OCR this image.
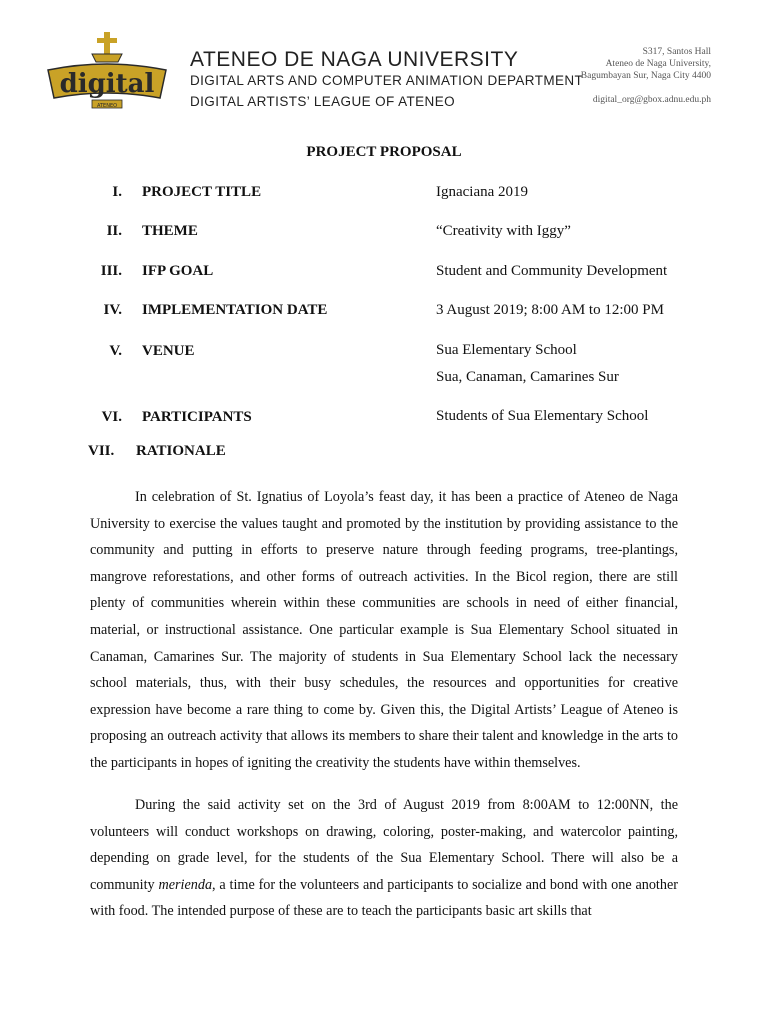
digital
ATENEO
ATENEO DE NAGA UNIVERSITY
DIGITAL ARTS AND COMPUTER ANIMATION DEPARTMENT
DIGITAL ARTISTS’ LEAGUE OF ATENEO
S317, Santos Hall
Ateneo de Naga University,
Bagumbayan Sur, Naga City 4400
digital_org@gbox.adnu.edu.ph
PROJECT PROPOSAL
I. PROJECT TITLE	Ignaciana 2019
II. THEME	“Creativity with Iggy”
III. IFP GOAL	Student and Community Development
IV. IMPLEMENTATION DATE	3 August 2019; 8:00 AM to 12:00 PM
V. VENUE	Sua Elementary School
Sua, Canaman, Camarines Sur
VI. PARTICIPANTS	Students of Sua Elementary School
VII. RATIONALE

In celebration of St. Ignatius of Loyola’s feast day, it has been a practice of Ateneo de Naga University to exercise the values taught and promoted by the institution by providing assistance to the community and putting in efforts to preserve nature through feeding programs, tree-plantings, mangrove reforestations, and other forms of outreach activities. In the Bicol region, there are still plenty of communities wherein within these communities are schools in need of either financial, material, or instructional assistance. One particular example is Sua Elementary School situated in Canaman, Camarines Sur. The majority of students in Sua Elementary School lack the necessary school materials, thus, with their busy schedules, the resources and opportunities for creative expression have become a rare thing to come by. Given this, the Digital Artists’ League of Ateneo is proposing an outreach activity that allows its members to share their talent and knowledge in the arts to the participants in hopes of igniting the creativity the students have within themselves.

During the said activity set on the 3rd of August 2019 from 8:00AM to 12:00NN, the volunteers will conduct workshops on drawing, coloring, poster-making, and watercolor painting, depending on grade level, for the students of the Sua Elementary School. There will also be a community merienda, a time for the volunteers and participants to socialize and bond with one another with food. The intended purpose of these are to teach the participants basic art skills that
